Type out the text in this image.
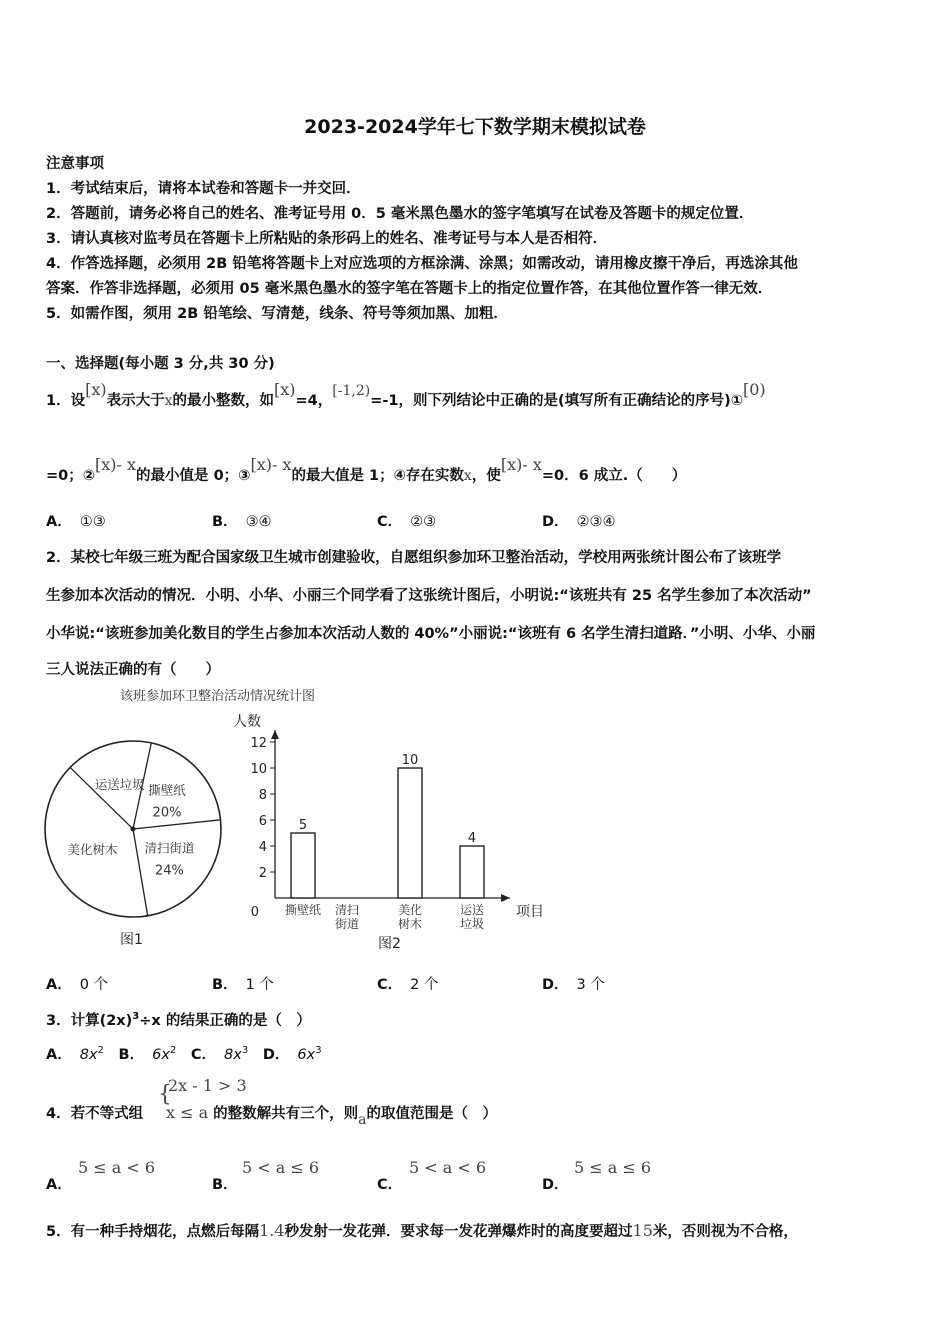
2023-2024学年七下数学期末模拟试卷
注意事项
1．考试结束后，请将本试卷和答题卡一并交回．
2．答题前，请务必将自己的姓名、准考证号用 0．5 毫米黑色墨水的签字笔填写在试卷及答题卡的规定位置．
3．请认真核对监考员在答题卡上所粘贴的条形码上的姓名、准考证号与本人是否相符．
4．作答选择题，必须用 2B 铅笔将答题卡上对应选项的方框涂满、涂黑；如需改动，请用橡皮擦干净后，再选涂其他
答案．作答非选择题，必须用 05 毫米黑色墨水的签字笔在答题卡上的指定位置作答，在其他位置作答一律无效．
5．如需作图，须用 2B 铅笔绘、写清楚，线条、符号等须加黑、加粗．
一、选择题(每小题 3 分,共 30 分)
1．设[x)表示大于x的最小整数，如[x)=4，[-1,2)=-1，则下列结论中正确的是(填写所有正确结论的序号)①[0)
=0；②[x)- x的最小值是 0；③[x)- x的最大值是 1；④存在实数x，使[x)- x=0．6 成立.（　　）
A． ①③	B． ③④	C． ②③	D． ②③④
2．某校七年级三班为配合国家级卫生城市创建验收，自愿组织参加环卫整治活动，学校用两张统计图公布了该班学
生参加本次活动的情况．小明、小华、小丽三个同学看了这张统计图后，小明说:“该班共有 25 名学生参加了本次活动”
小华说:“该班参加美化数目的学生占参加本次活动人数的 40%”小丽说:“该班有 6 名学生清扫道路．”小明、小华、小丽
三人说法正确的有（　　）
该班参加环卫整治活动情况统计图
撕壁纸
20%
清扫街道
24%
美化树木
运送垃圾
图1
人数
项目
0
2
4
6
8
10
12
5
撕壁纸 清扫
街道
10
美化
树木
4
运送
垃圾
图2
A． 0 个	B． 1 个	C． 2 个	D． 3 个
3．计算$(2x)^3\div x$ 的结果正确的是（　）
A． $8x^2$ B． $6x^2$ C． $8x^3$ D． $6x^3$
4．若不等式组	的整数解共有三个，则a的取值范围是（　）
{
2x - 1 > 3
x ≤ a
A．
5 ≤ a < 6
B．
5 < a ≤ 6
C．
5 < a < 6
D．
5 ≤ a ≤ 6
5．有一种手持烟花，点燃后每隔1.4秒发射一发花弹．要求每一发花弹爆炸时的高度要超过15米，否则视为不合格，
